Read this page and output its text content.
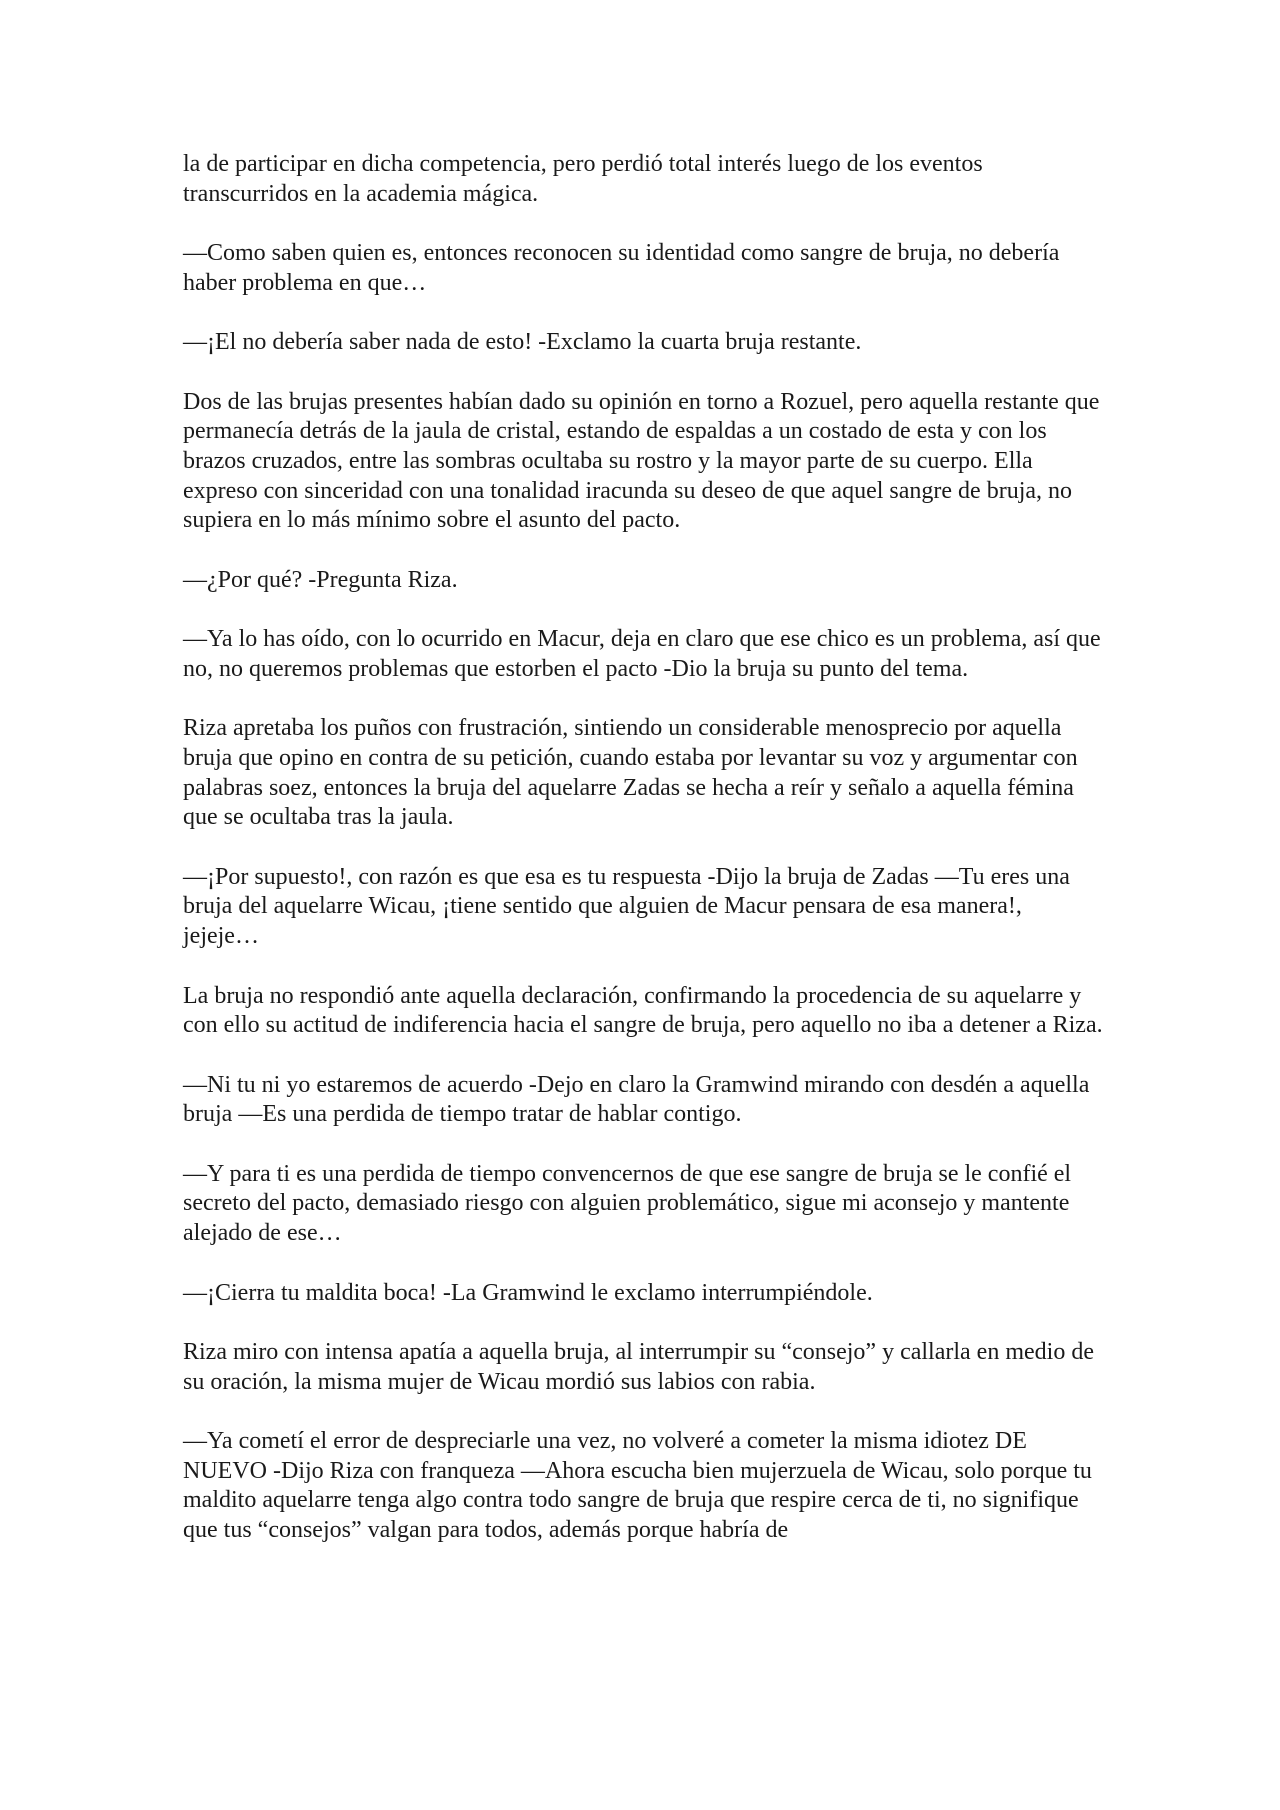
la de participar en dicha competencia, pero perdió total interés luego de los eventos transcurridos en la academia mágica.

—Como saben quien es, entonces reconocen su identidad como sangre de bruja, no debería haber problema en que…

—¡El no debería saber nada de esto! -Exclamo la cuarta bruja restante.

Dos de las brujas presentes habían dado su opinión en torno a Rozuel, pero aquella restante que permanecía detrás de la jaula de cristal, estando de espaldas a un costado de esta y con los brazos cruzados, entre las sombras ocultaba su rostro y la mayor parte de su cuerpo. Ella expreso con sinceridad con una tonalidad iracunda su deseo de que aquel sangre de bruja, no supiera en lo más mínimo sobre el asunto del pacto.

—¿Por qué? -Pregunta Riza.

—Ya lo has oído, con lo ocurrido en Macur, deja en claro que ese chico es un problema, así que no, no queremos problemas que estorben el pacto -Dio la bruja su punto del tema.

Riza apretaba los puños con frustración, sintiendo un considerable menosprecio por aquella bruja que opino en contra de su petición, cuando estaba por levantar su voz y argumentar con palabras soez, entonces la bruja del aquelarre Zadas se hecha a reír y señalo a aquella fémina que se ocultaba tras la jaula.

—¡Por supuesto!, con razón es que esa es tu respuesta -Dijo la bruja de Zadas —Tu eres una bruja del aquelarre Wicau, ¡tiene sentido que alguien de Macur pensara de esa manera!, jejeje…

La bruja no respondió ante aquella declaración, confirmando la procedencia de su aquelarre y con ello su actitud de indiferencia hacia el sangre de bruja, pero aquello no iba a detener a Riza.

—Ni tu ni yo estaremos de acuerdo -Dejo en claro la Gramwind mirando con desdén a aquella bruja —Es una perdida de tiempo tratar de hablar contigo.

—Y para ti es una perdida de tiempo convencernos de que ese sangre de bruja se le confié el secreto del pacto, demasiado riesgo con alguien problemático, sigue mi aconsejo y mantente alejado de ese…

—¡Cierra tu maldita boca! -La Gramwind le exclamo interrumpiéndole.

Riza miro con intensa apatía a aquella bruja, al interrumpir su “consejo” y callarla en medio de su oración, la misma mujer de Wicau mordió sus labios con rabia.

—Ya cometí el error de despreciarle una vez, no volveré a cometer la misma idiotez DE NUEVO -Dijo Riza con franqueza —Ahora escucha bien mujerzuela de Wicau, solo porque tu maldito aquelarre tenga algo contra todo sangre de bruja que respire cerca de ti, no signifique que tus “consejos” valgan para todos, además porque habría de
